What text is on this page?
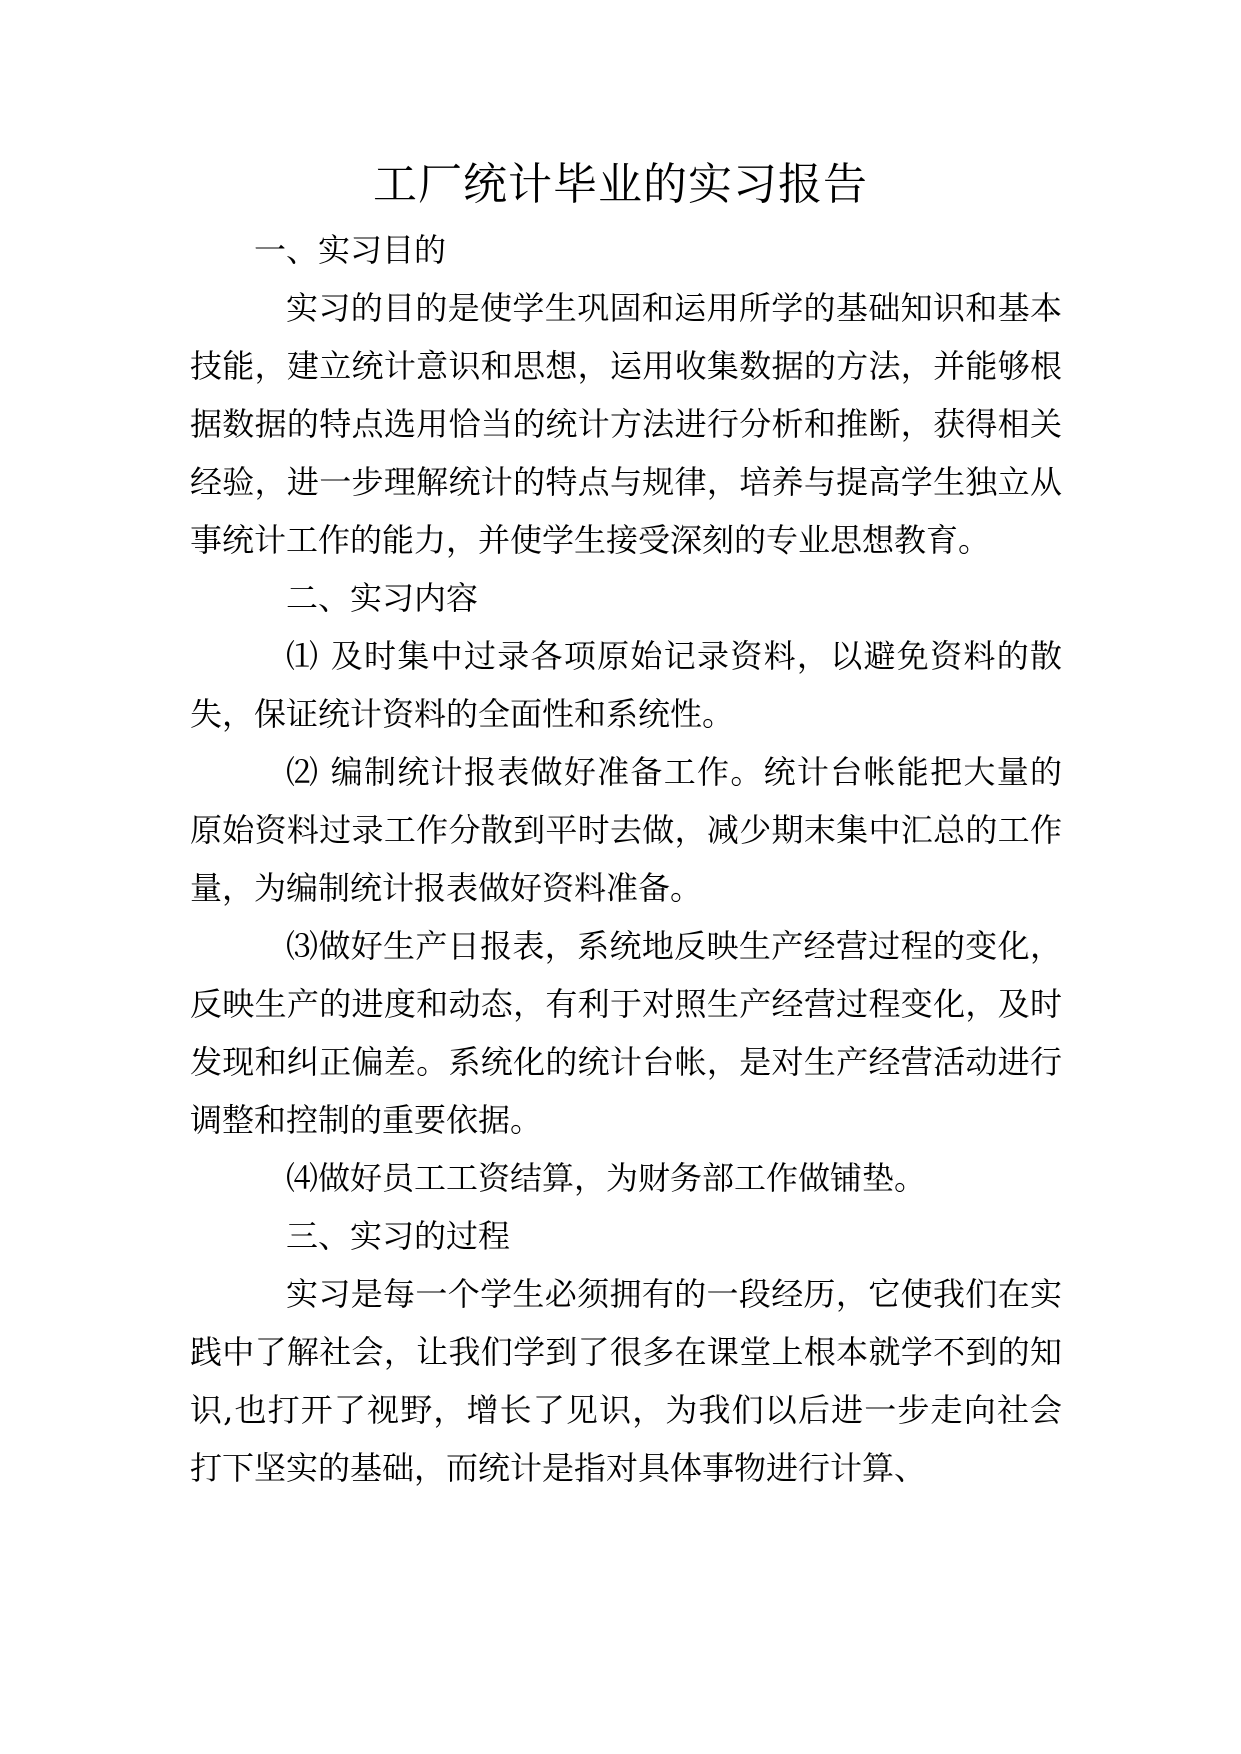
工厂统计毕业的实习报告

一、实习目的

实习的目的是使学生巩固和运用所学的基础知识和基本技能，建立统计意识和思想，运用收集数据的方法，并能够根据数据的特点选用恰当的统计方法进行分析和推断，获得相关经验，进一步理解统计的特点与规律，培养与提高学生独立从事统计工作的能力，并使学生接受深刻的专业思想教育。

二、实习内容

⑴ 及时集中过录各项原始记录资料，以避免资料的散失，保证统计资料的全面性和系统性。

⑵ 编制统计报表做好准备工作。统计台帐能把大量的原始资料过录工作分散到平时去做，减少期末集中汇总的工作量，为编制统计报表做好资料准备。

⑶做好生产日报表，系统地反映生产经营过程的变化，反映生产的进度和动态，有利于对照生产经营过程变化，及时发现和纠正偏差。系统化的统计台帐，是对生产经营活动进行调整和控制的重要依据。

⑷做好员工工资结算，为财务部工作做铺垫。

三、实习的过程

实习是每一个学生必须拥有的一段经历，它使我们在实践中了解社会，让我们学到了很多在课堂上根本就学不到的知识,也打开了视野，增长了见识，为我们以后进一步走向社会打下坚实的基础，而统计是指对具体事物进行计算、
